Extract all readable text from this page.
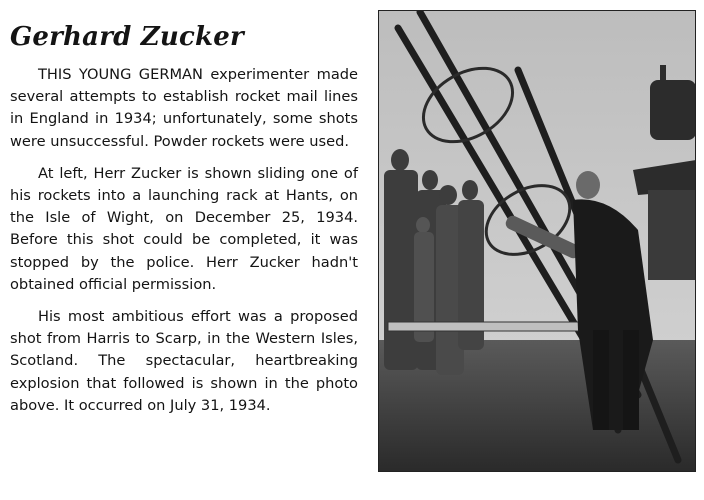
Gerhard Zucker

THIS YOUNG GERMAN experimenter made several attempts to establish rocket mail lines in England in 1934; unfortunately, some shots were unsuccessful. Powder rockets were used.

At left, Herr Zucker is shown sliding one of his rockets into a launching rack at Hants, on the Isle of Wight, on December 25, 1934. Before this shot could be completed, it was stopped by the police. Herr Zucker hadn't obtained official permission.

His most ambitious effort was a proposed shot from Harris to Scarp, in the Western Isles, Scotland. The spectacular, heartbreaking explosion that followed is shown in the photo above. It occurred on July 31, 1934.
